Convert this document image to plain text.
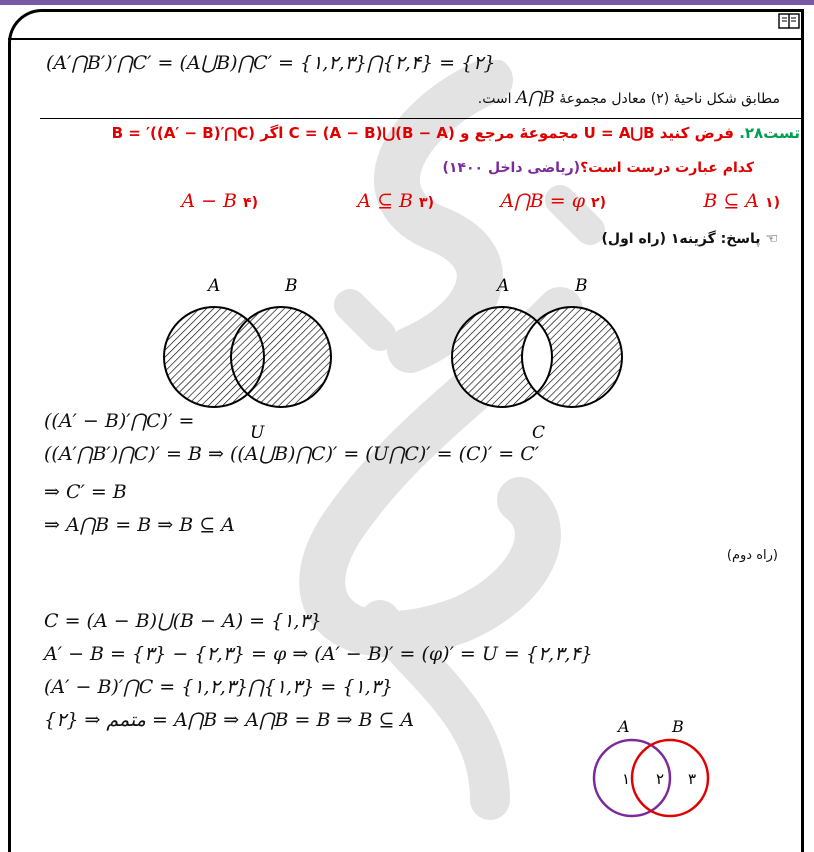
(A′⋂B′)′⋂C′ = (A⋃B)⋂C′ = {۱,۲,۳}⋂{۲,۴} = {۲}
مطابق شکل ناحیهٔ (۲) معادل مجموعهٔ A⋂B است.
تست۲۸. فرض کنید U = A⋃B مجموعهٔ مرجع و C = (A − B)⋃(B − A) اگر B = ′((A′ − B)′⋂C)
کدام عبارت درست است؟(ریاضی داخل ۱۴۰۰)
B ⊆ A ۱)
A⋂B = φ ۲)
A ⊆ B ۳)
A − B ۴)
☜ پاسخ: گزینه۱ (راه اول)
A	B
U
A	B
C
((A′ − B)′⋂C)′ =
((A′⋂B′)⋂C)′ = B ⇒ ((A⋃B)⋂C)′ = (U⋂C)′ = (C)′ = C′
⇒ C′ = B
⇒ A⋂B = B ⇒ B ⊆ A
(راه دوم)
C = (A − B)⋃(B − A) = {۱,۳}
A′ − B = {۳} − {۲,۳} = φ ⇒ (A′ − B)′ = (φ)′ = U = {۲,۳,۴}
(A′ − B)′⋂C = {۱,۲,۳}⋂{۱,۳} = {۱,۳}
متمم ⇒ {۲} = A⋂B ⇒ A⋂B = B ⇒ B ⊆ A	A	B
۱ ۲ ۳
